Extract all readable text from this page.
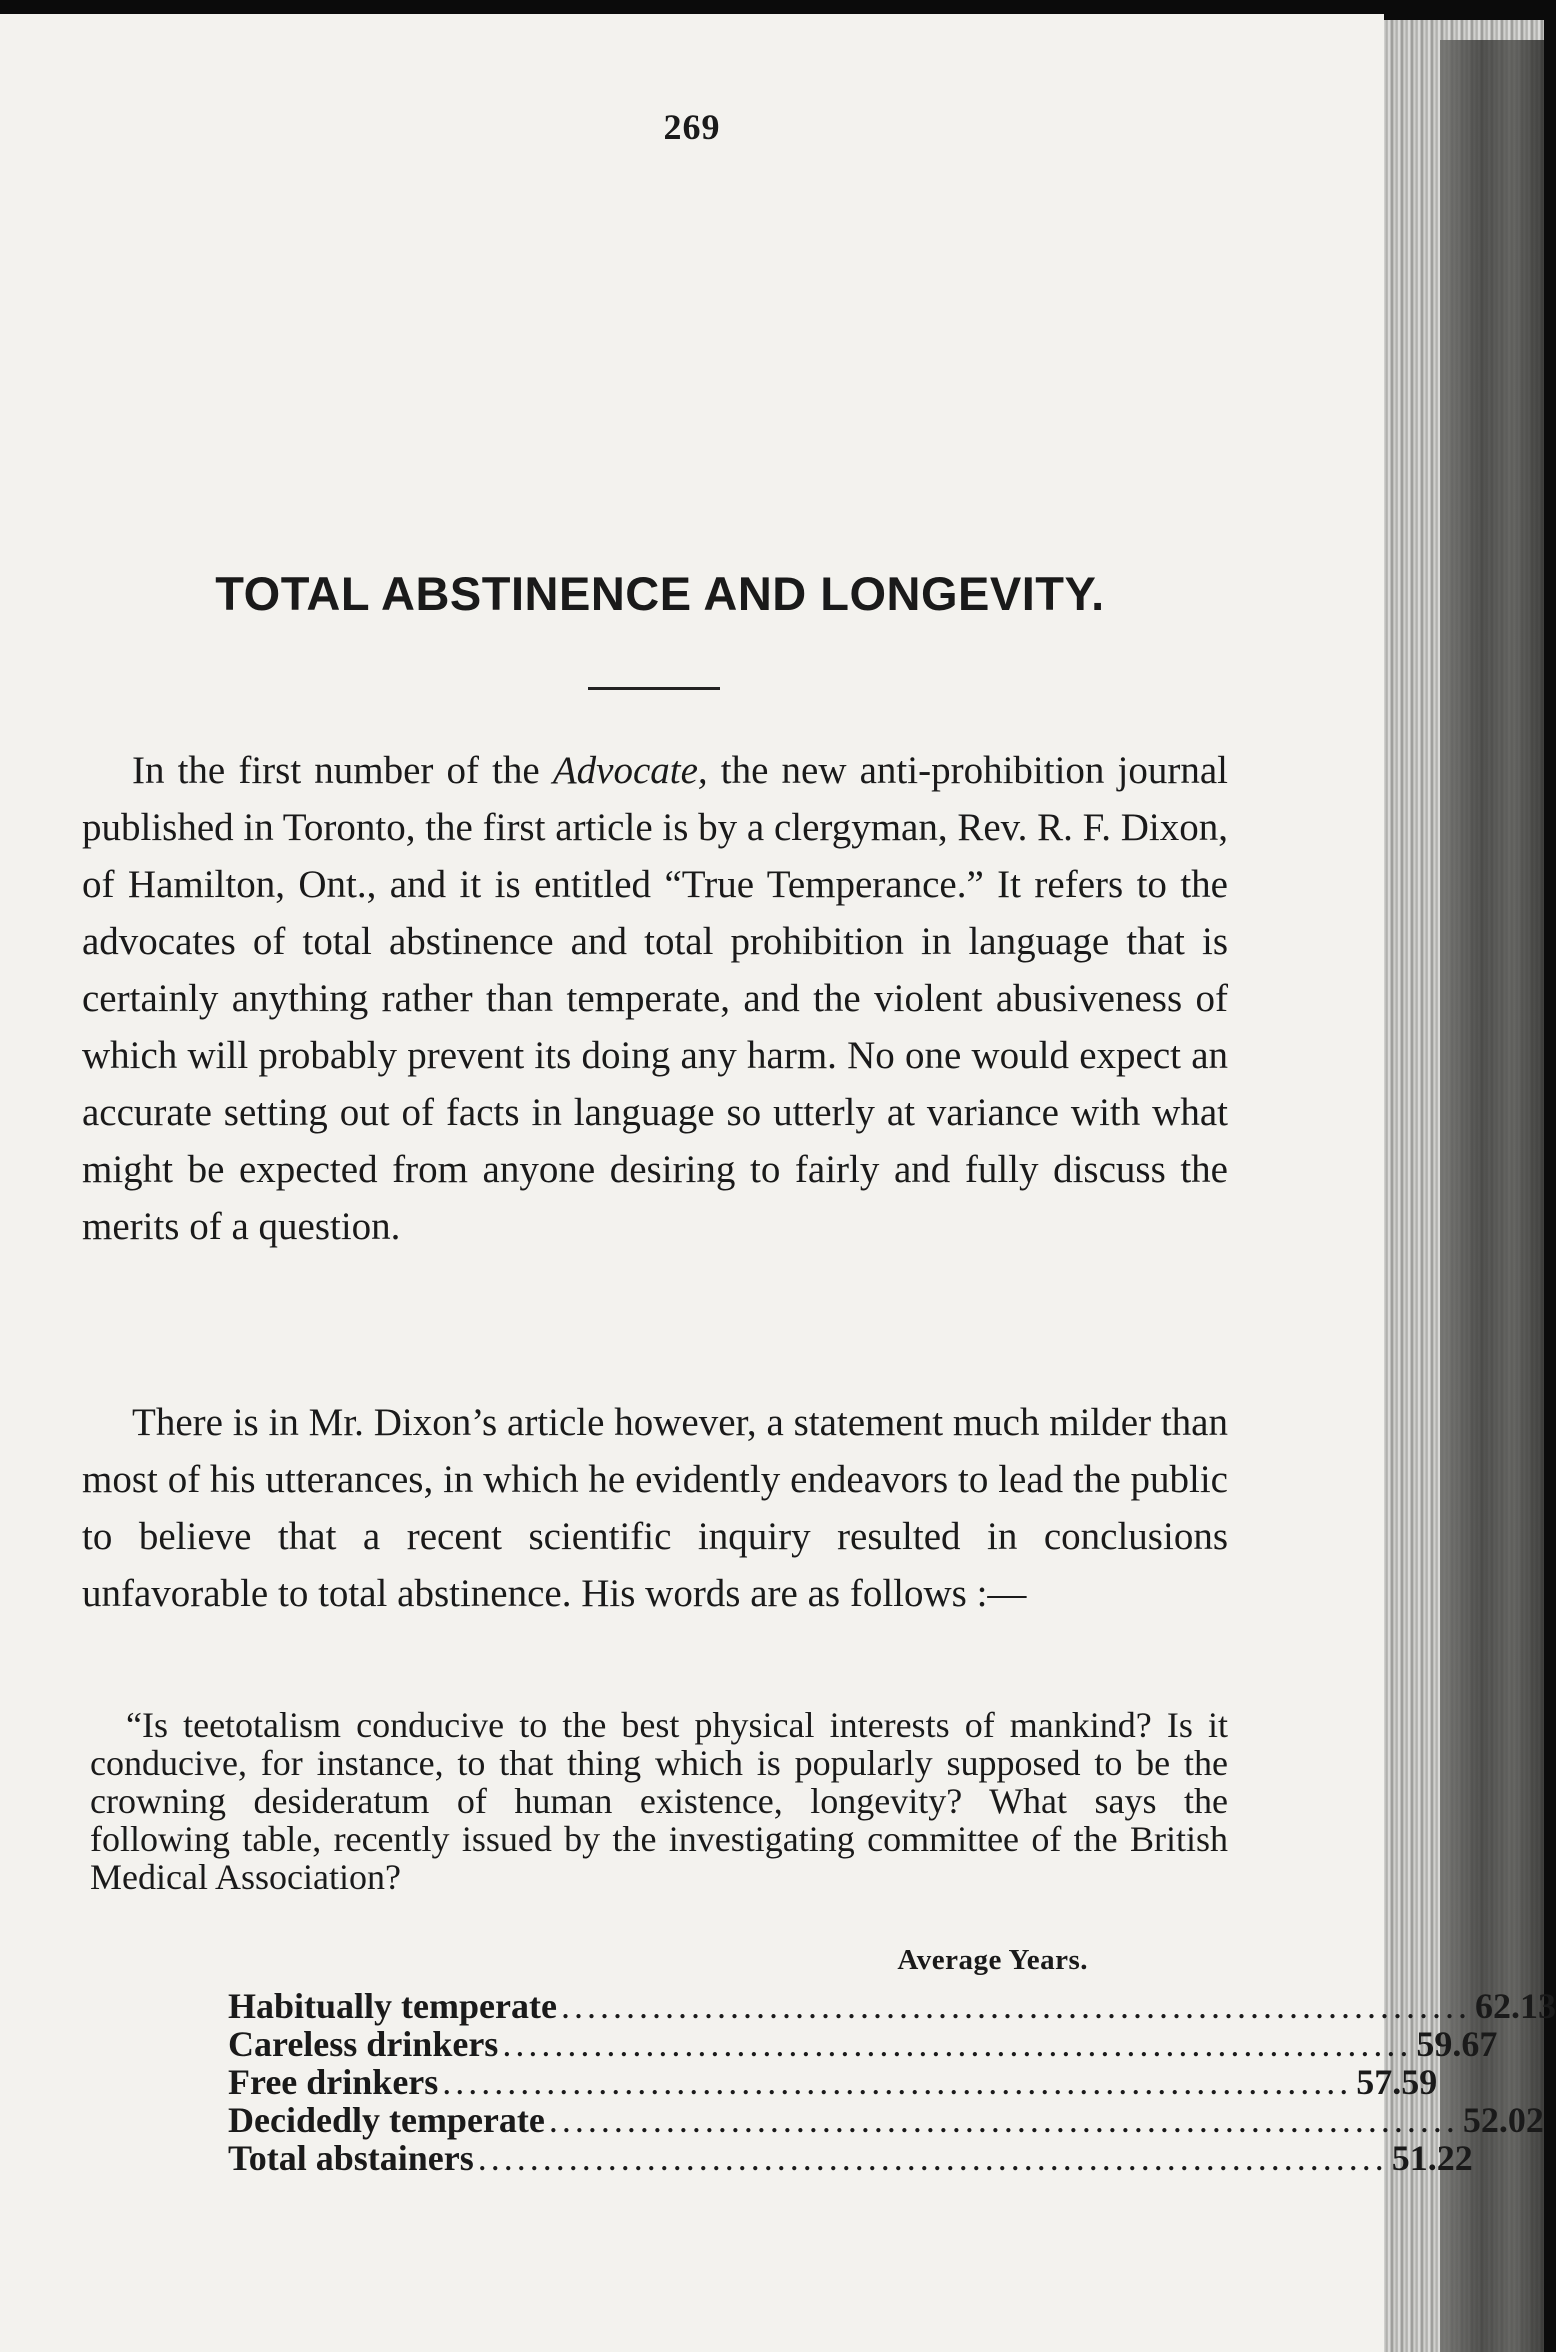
269
TOTAL ABSTINENCE AND LONGEVITY.

In the first number of the Advocate, the new anti-prohibition journal published in Toronto, the first article is by a clergyman, Rev. R. F. Dixon, of Hamilton, Ont., and it is entitled “True Temperance.” It refers to the advocates of total abstinence and total prohibition in language that is certainly anything rather than temperate, and the violent abusiveness of which will probably prevent its doing any harm. No one would expect an accurate setting out of facts in language so utterly at variance with what might be expected from anyone desiring to fairly and fully discuss the merits of a question.

There is in Mr. Dixon’s article however, a statement much milder than most of his utterances, in which he evidently endeavors to lead the public to believe that a recent scientific inquiry resulted in conclusions unfavorable to total abstinence. His words are as follows :—

“Is teetotalism conducive to the best physical interests of mankind? Is it conducive, for instance, to that thing which is popularly supposed to be the crowning desideratum of human existence, longevity? What says the following table, recently issued by the investigating committee of the British Medical Association?

Average Years.
Habitually temperate ...................................................................... 62.13
Careless drinkers ...................................................................... 59.67
Free drinkers ...................................................................... 57.59
Decidedly temperate ...................................................................... 52.02
Total abstainers ...................................................................... 51.22
